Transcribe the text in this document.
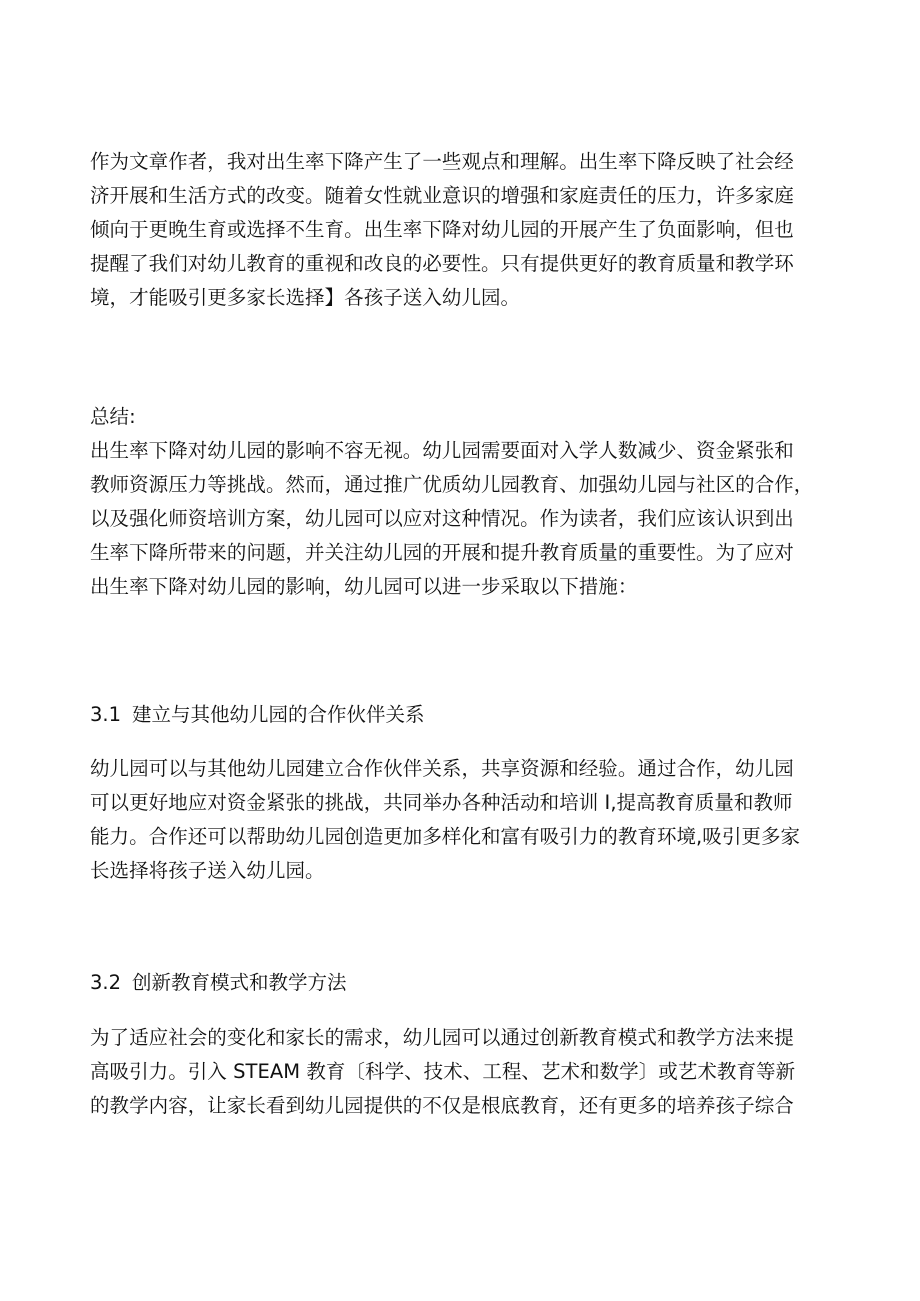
作为文章作者，我对出生率下降产生了一些观点和理解。出生率下降反映了社会经
济开展和生活方式的改变。随着女性就业意识的增强和家庭责任的压力，许多家庭
倾向于更晚生育或选择不生育。出生率下降对幼儿园的开展产生了负面影响，但也
提醒了我们对幼儿教育的重视和改良的必要性。只有提供更好的教育质量和教学环
境，才能吸引更多家长选择】各孩子送入幼儿园。
总结:
出生率下降对幼儿园的影响不容无视。幼儿园需要面对入学人数减少、资金紧张和
教师资源压力等挑战。然而，通过推广优质幼儿园教育、加强幼儿园与社区的合作，
以及强化师资培训方案，幼儿园可以应对这种情况。作为读者，我们应该认识到出
生率下降所带来的问题，并关注幼儿园的开展和提升教育质量的重要性。为了应对
出生率下降对幼儿园的影响，幼儿园可以进一步采取以下措施：
3.1 建立与其他幼儿园的合作伙伴关系
幼儿园可以与其他幼儿园建立合作伙伴关系，共享资源和经验。通过合作，幼儿园
可以更好地应对资金紧张的挑战，共同举办各种活动和培训 I,提高教育质量和教师
能力。合作还可以帮助幼儿园创造更加多样化和富有吸引力的教育环境,吸引更多家
长选择将孩子送入幼儿园。
3.2 创新教育模式和教学方法
为了适应社会的变化和家长的需求，幼儿园可以通过创新教育模式和教学方法来提
高吸引力。引入 STEAM 教育〔科学、技术、工程、艺术和数学〕或艺术教育等新
的教学内容，让家长看到幼儿园提供的不仅是根底教育，还有更多的培养孩子综合
